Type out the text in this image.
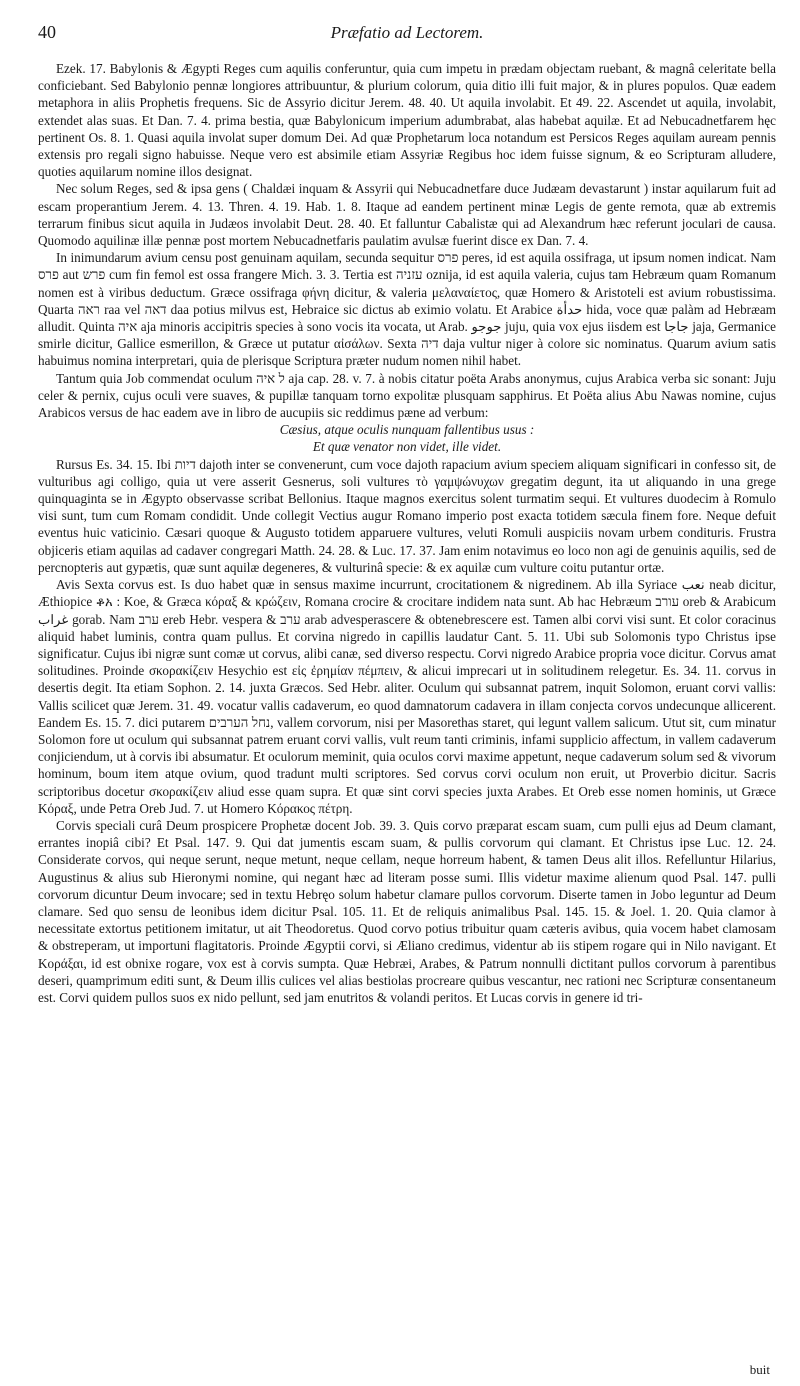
40	Præfatio ad Lectorem.

Ezek. 17. Babylonis & Ægypti Reges cum aquilis conferuntur, quia cum impetu in prædam objectam ruebant, & magnâ celeritate bella conficiebant. Sed Babylonio pennæ longiores attribuuntur, & plurium colorum, quia ditio illi fuit major, & in plures populos. Quæ eadem metaphora in aliis Prophetis frequens. Sic de Assyrio dicitur Jerem. 48. 40. Ut aquila involabit. Et 49. 22. Ascendet ut aquila, involabit, extendet alas suas. Et Dan. 7. 4. prima bestia, quæ Babylonicum imperium adumbrabat, alas habebat aquilæ. Et ad Nebucadnetfarem hęc pertinent Os. 8. 1. Quasi aquila involat super domum Dei. Ad quæ Prophetarum loca notandum est Persicos Reges aquilam auream pennis extensis pro regali signo habuisse. Neque vero est absimile etiam Assyriæ Regibus hoc idem fuisse signum, & eo Scripturam alludere, quoties aquilarum nomine illos designat.

Nec solum Reges, sed & ipsa gens ( Chaldæi inquam & Assyrii qui Nebucadnetfare duce Judæam devastarunt ) instar aquilarum fuit ad escam properantium Jerem. 4. 13. Thren. 4. 19. Hab. 1. 8. Itaque ad eandem pertinent minæ Legis de gente remota, quæ ab extremis terrarum finibus sicut aquila in Judæos involabit Deut. 28. 40. Et falluntur Cabalistæ qui ad Alexandrum hæc referunt joculari de causa. Quomodo aquilinæ illæ pennæ post mortem Nebucadnetfaris paulatim avulsæ fuerint disce ex Dan. 7. 4.

In inimundarum avium censu post genuinam aquilam, secunda sequitur פרס peres, id est aquila ossifraga, ut ipsum nomen indicat. Nam פרס aut פרש cum fin femol est ossa frangere Mich. 3. 3. Tertia est עזניה oznija, id est aquila valeria, cujus tam Hebræum quam Romanum nomen est à viribus deductum. Græce ossifraga φήνη dicitur, & valeria μελαναίετος, quæ Homero & Aristoteli est avium robustissima. Quarta ראה raa vel דאה daa potius milvus est, Hebraice sic dictus ab eximio volatu. Et Arabice حدأة hida, voce quæ palàm ad Hebræam alludit. Quinta איה aja minoris accipitris species à sono vocis ita vocata, ut Arab. جوجو juju, quia vox ejus iisdem est جاجا jaja, Germanice smirle dicitur, Gallice esmerillon, & Græce ut putatur αἰσάλων. Sexta דיה daja vultur niger à colore sic nominatus. Quarum avium satis habuimus nomina interpretari, quia de plerisque Scriptura præter nudum nomen nihil habet.

Tantum quia Job commendat oculum ל איה aja cap. 28. v. 7. à nobis citatur poëta Arabs anonymus, cujus Arabica verba sic sonant: Juju celer & pernix, cujus oculi vere suaves, & pupillæ tanquam torno expolitæ plusquam sapphirus. Et Poëta alius Abu Nawas nomine, cujus Arabicos versus de hac eadem ave in libro de aucupiis sic reddimus pæne ad verbum:

Cæsius, atque oculis nunquam fallentibus usus :

Et quæ venator non videt, ille videt.

Rursus Es. 34. 15. Ibi דיות dajoth inter se convenerunt, cum voce dajoth rapacium avium speciem aliquam significari in confesso sit, de vulturibus agi colligo, quia ut vere asserit Gesnerus, soli vultures τὸ γαμψώνυχων gregatim degunt, ita ut aliquando in una grege quinquaginta se in Ægypto observasse scribat Bellonius. Itaque magnos exercitus solent turmatim sequi. Et vultures duodecim à Romulo visi sunt, tum cum Romam condidit. Unde collegit Vectius augur Romano imperio post exacta totidem sæcula finem fore. Neque defuit eventus huic vaticinio. Cæsari quoque & Augusto totidem apparuere vultures, veluti Romuli auspiciis novam urbem condituris. Frustra objiceris etiam aquilas ad cadaver congregari Matth. 24. 28. & Luc. 17. 37. Jam enim notavimus eo loco non agi de genuinis aquilis, sed de percnopteris aut gypætis, quæ sunt aquilæ degeneres, & vulturinâ specie: & ex aquilæ cum vulture coitu putantur ortæ.

Avis Sexta corvus est. Is duo habet quæ in sensus maxime incurrunt, crocitationem & nigredinem. Ab illa Syriace نعب neab dicitur, Æthiopice ቆአ : Koe, & Græca κόραξ & κρώζειν, Romana crocire & crocitare indidem nata sunt. Ab hac Hebræum עורב oreb & Arabicum غراب gorab. Nam ערב ereb Hebr. vespera & ערב arab advesperascere & obtenebrescere est. Tamen albi corvi visi sunt. Et color coracinus aliquid habet luminis, contra quam pullus. Et corvina nigredo in capillis laudatur Cant. 5. 11. Ubi sub Solomonis typo Christus ipse significatur. Cujus ibi nigræ sunt comæ ut corvus, alibi canæ, sed diverso respectu. Corvi nigredo Arabice propria voce dicitur. Corvus amat solitudines. Proinde σκορακίζειν Hesychio est εἰς ἐρημίαν πέμπειν, & alicui imprecari ut in solitudinem relegetur. Es. 34. 11. corvus in desertis degit. Ita etiam Sophon. 2. 14. juxta Græcos. Sed Hebr. aliter. Oculum qui subsannat patrem, inquit Solomon, eruant corvi vallis: Vallis scilicet quæ Jerem. 31. 49. vocatur vallis cadaverum, eo quod damnatorum cadavera in illam conjecta corvos undecunque allicerent. Eandem Es. 15. 7. dici putarem נחל הערבים, vallem corvorum, nisi per Masorethas staret, qui legunt vallem salicum. Utut sit, cum minatur Solomon fore ut oculum qui subsannat patrem eruant corvi vallis, vult reum tanti criminis, infami supplicio affectum, in vallem cadaverum conjiciendum, ut à corvis ibi absumatur. Et oculorum meminit, quia oculos corvi maxime appetunt, neque cadaverum solum sed & vivorum hominum, boum item atque ovium, quod tradunt multi scriptores. Sed corvus corvi oculum non eruit, ut Proverbio dicitur. Sacris scriptoribus docetur σκορακίζειν aliud esse quam supra. Et quæ sint corvi species juxta Arabes. Et Oreb esse nomen hominis, ut Græce Κόραξ, unde Petra Oreb Jud. 7. ut Homero Κόρακος πέτρη.

Corvis speciali curâ Deum prospicere Prophetæ docent Job. 39. 3. Quis corvo præparat escam suam, cum pulli ejus ad Deum clamant, errantes inopiâ cibi? Et Psal. 147. 9. Qui dat jumentis escam suam, & pullis corvorum qui clamant. Et Christus ipse Luc. 12. 24. Considerate corvos, qui neque serunt, neque metunt, neque cellam, neque horreum habent, & tamen Deus alit illos. Refelluntur Hilarius, Augustinus & alius sub Hieronymi nomine, qui negant hæc ad literam posse sumi. Illis videtur maxime alienum quod Psal. 147. pulli corvorum dicuntur Deum invocare; sed in textu Hebręo solum habetur clamare pullos corvorum. Diserte tamen in Jobo leguntur ad Deum clamare. Sed quo sensu de leonibus idem dicitur Psal. 105. 11. Et de reliquis animalibus Psal. 145. 15. & Joel. 1. 20. Quia clamor à necessitate extortus petitionem imitatur, ut ait Theodoretus. Quod corvo potius tribuitur quam cæteris avibus, quia vocem habet clamosam & obstreperam, ut importuni flagitatoris. Proinde Ægyptii corvi, si Æliano credimus, videntur ab iis stipem rogare qui in Nilo navigant. Et Κοράξαι, id est obnixe rogare, vox est à corvis sumpta. Quæ Hebræi, Arabes, & Patrum nonnulli dictitant pullos corvorum à parentibus deseri, quamprimum editi sunt, & Deum illis culices vel alias bestiolas procreare quibus vescantur, nec rationi nec Scripturæ consentaneum est. Corvi quidem pullos suos ex nido pellunt, sed jam enutritos & volandi peritos. Et Lucas corvis in genere id tri-

buit
